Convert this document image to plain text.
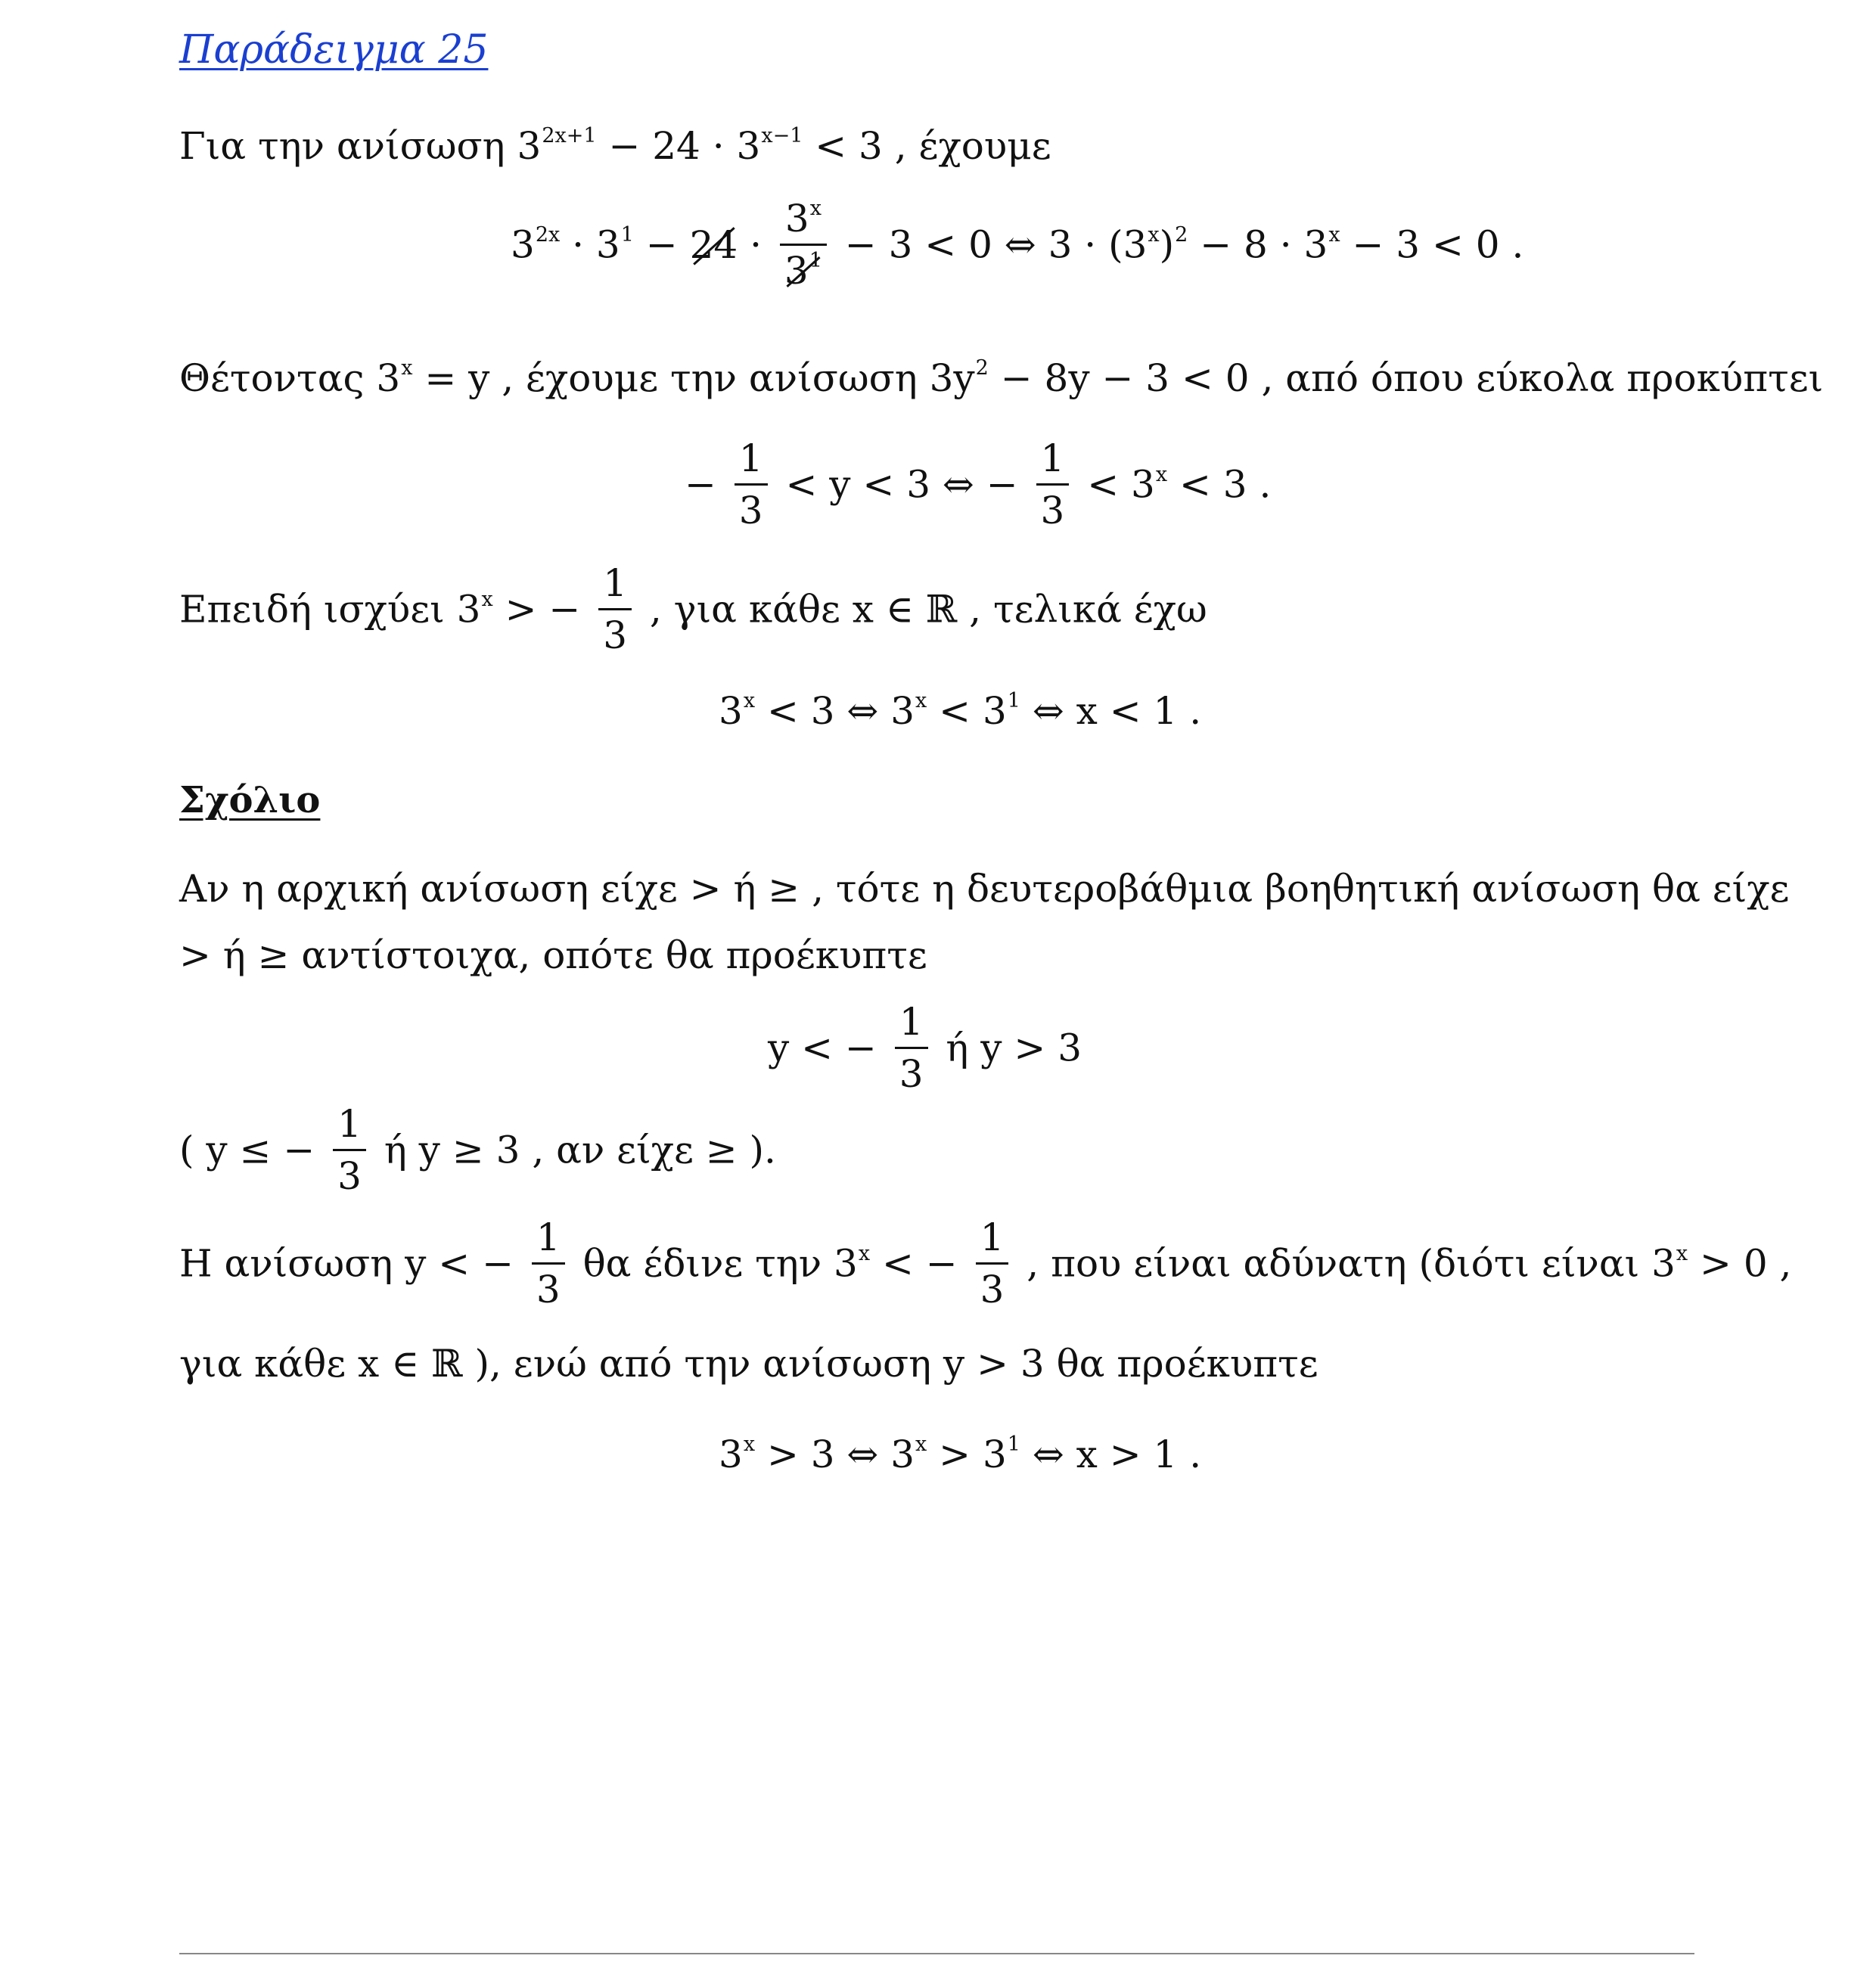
Παράδειγμα 25
Για την ανίσωση $3^{2x+1} - 24 \cdot 3^{x-1} < 3$ , έχουμε
$3^{2x} \cdot 3^1 - 24 \cdot \frac{3^x}{3^1} - 3 < 0$ ⇔ $3 \cdot (3^x)^2 - 8 \cdot 3^x - 3 < 0$ .
Θέτοντας $3^x = y$ , έχουμε την ανίσωση $3y^2 - 8y - 3 < 0$ , από όπου εύκολα προκύπτει
− $\frac{1}{3} < y < 3$ ⇔ − $\frac{1}{3} < 3^x < 3$ .
Επειδή ισχύει $3^x$ > − $\frac{1}{3}$ , για κάθε x ∈ ℝ , τελικά έχω
$3^x < 3$ ⇔ $3^x < 3^1$ ⇔ x < 1 .
Σχόλιο
Αν η αρχική ανίσωση είχε > ή ≥ , τότε η δευτεροβάθμια βοηθητική ανίσωση θα είχε
> ή ≥ αντίστοιχα, οπότε θα προέκυπτε
y < − $\frac{1}{3}$ ή y > 3
( y ≤ − $\frac{1}{3}$ ή y ≥ 3 , αν είχε ≥ ).
Η ανίσωση y < − $\frac{1}{3}$ θα έδινε την $3^x$ < − $\frac{1}{3}$ , που είναι αδύνατη (διότι είναι $3^x > 0$ ,
για κάθε x ∈ ℝ ), ενώ από την ανίσωση y > 3 θα προέκυπτε
$3^x > 3$ ⇔ $3^x > 3^1$ ⇔ x > 1 .
